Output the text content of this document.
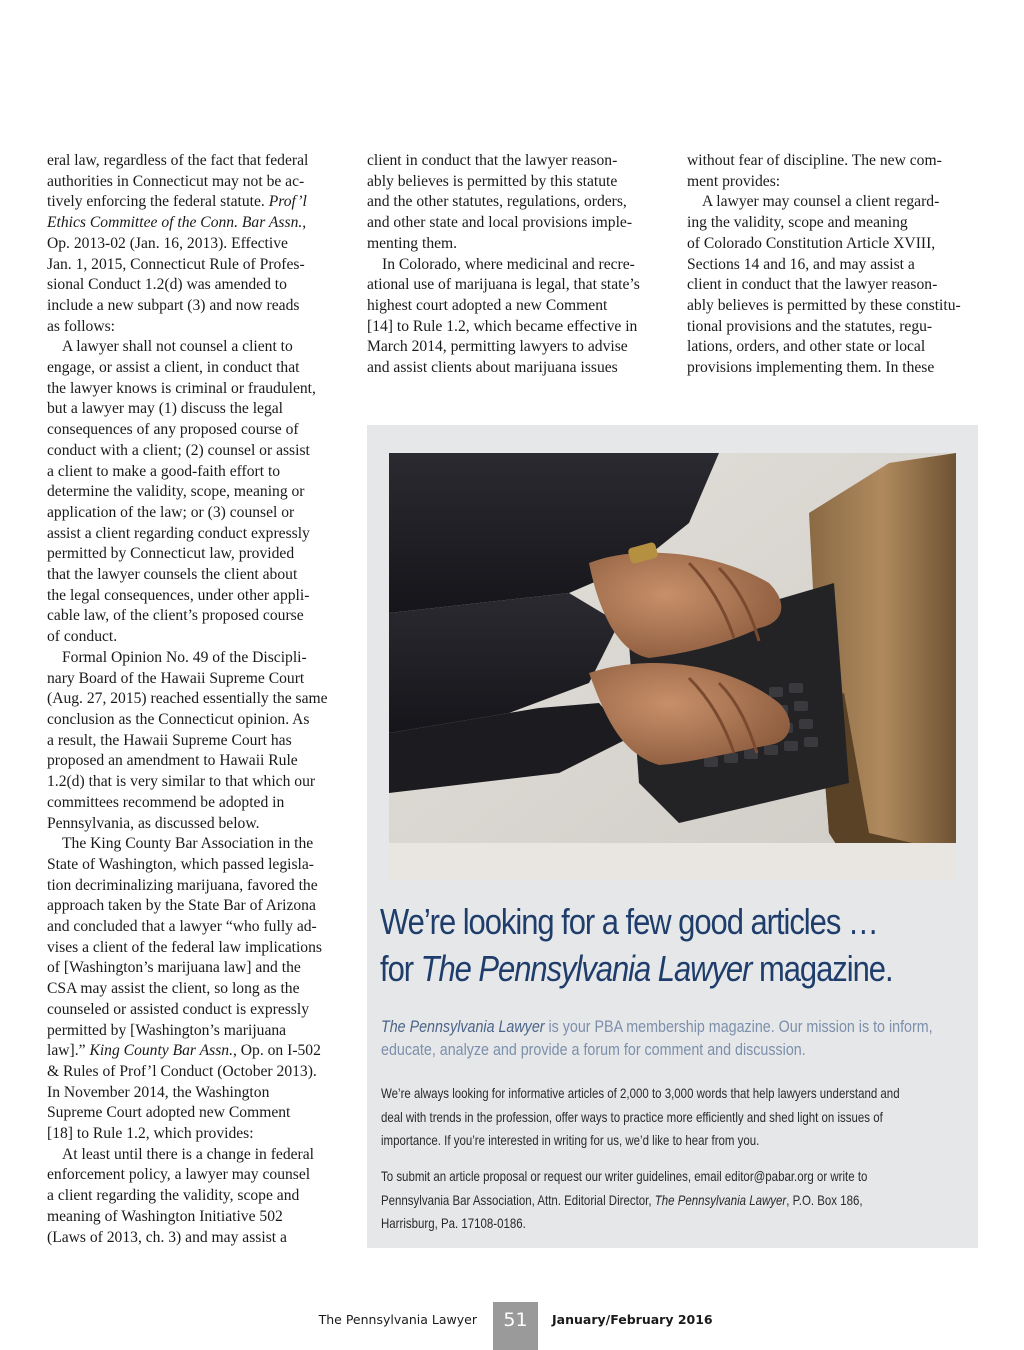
eral law, regardless of the fact that federal
authorities in Connecticut may not be ac-
tively enforcing the federal statute. Prof’l
Ethics Committee of the Conn. Bar Assn.,
Op. 2013-02 (Jan. 16, 2013). Effective
Jan. 1, 2015, Connecticut Rule of Profes-
sional Conduct 1.2(d) was amended to
include a new subpart (3) and now reads
as follows:
A lawyer shall not counsel a client to
engage, or assist a client, in conduct that
the lawyer knows is criminal or fraudulent,
but a lawyer may (1) discuss the legal
consequences of any proposed course of
conduct with a client; (2) counsel or assist
a client to make a good-faith effort to
determine the validity, scope, meaning or
application of the law; or (3) counsel or
assist a client regarding conduct expressly
permitted by Connecticut law, provided
that the lawyer counsels the client about
the legal consequences, under other appli-
cable law, of the client’s proposed course
of conduct.
Formal Opinion No. 49 of the Discipli-
nary Board of the Hawaii Supreme Court
(Aug. 27, 2015) reached essentially the same
conclusion as the Connecticut opinion. As
a result, the Hawaii Supreme Court has
proposed an amendment to Hawaii Rule
1.2(d) that is very similar to that which our
committees recommend be adopted in
Pennsylvania, as discussed below.
The King County Bar Association in the
State of Washington, which passed legisla-
tion decriminalizing marijuana, favored the
approach taken by the State Bar of Arizona
and concluded that a lawyer “who fully ad-
vises a client of the federal law implications
of [Washington’s marijuana law] and the
CSA may assist the client, so long as the
counseled or assisted conduct is expressly
permitted by [Washington’s marijuana
law].” King County Bar Assn., Op. on I-502
& Rules of Prof’l Conduct (October 2013).
In November 2014, the Washington
Supreme Court adopted new Comment
[18] to Rule 1.2, which provides:
At least until there is a change in federal
enforcement policy, a lawyer may counsel
a client regarding the validity, scope and
meaning of Washington Initiative 502
(Laws of 2013, ch. 3) and may assist a
client in conduct that the lawyer reason-
ably believes is permitted by this statute
and the other statutes, regulations, orders,
and other state and local provisions imple-
menting them.
In Colorado, where medicinal and recre-
ational use of marijuana is legal, that state’s
highest court adopted a new Comment
[14] to Rule 1.2, which became effective in
March 2014, permitting lawyers to advise
and assist clients about marijuana issues
without fear of discipline. The new com-
ment provides:
A lawyer may counsel a client regard-
ing the validity, scope and meaning
of Colorado Constitution Article XVIII,
Sections 14 and 16, and may assist a
client in conduct that the lawyer reason-
ably believes is permitted by these constitu-
tional provisions and the statutes, regu-
lations, orders, and other state or local
provisions implementing them. In these
We’re looking for a few good articles …
for The Pennsylvania Lawyer magazine.
The Pennsylvania Lawyer is your PBA membership magazine. Our mission is to inform, educate, analyze and provide a forum for comment and discussion.
We’re always looking for informative articles of 2,000 to 3,000 words that help lawyers understand and deal with trends in the profession, offer ways to practice more efficiently and shed light on issues of importance. If you’re interested in writing for us, we’d like to hear from you.
To submit an article proposal or request our writer guidelines, email editor@pabar.org or write to Pennsylvania Bar Association, Attn. Editorial Director, The Pennsylvania Lawyer, P.O. Box 186, Harrisburg, Pa. 17108-0186.
The Pennsylvania Lawyer	51	January/February 2016
